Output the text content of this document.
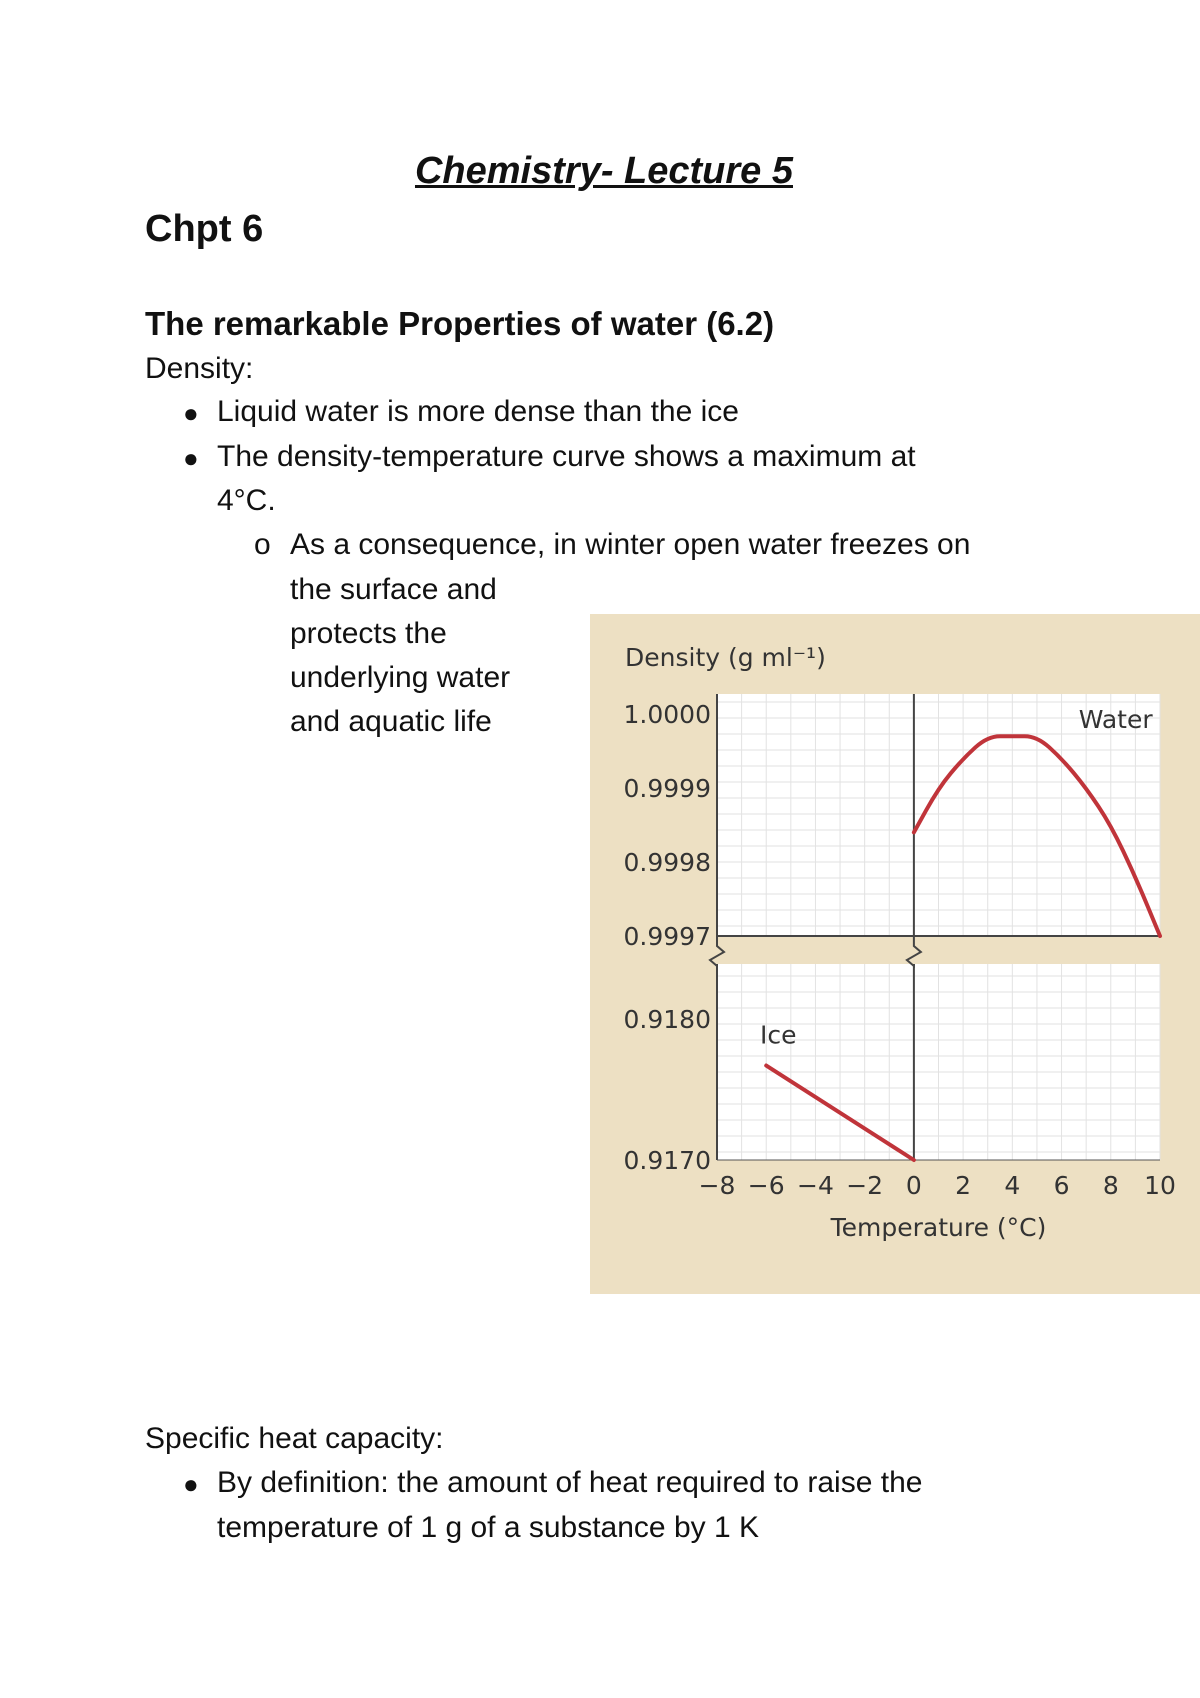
Chemistry- Lecture 5
Chpt 6
The remarkable Properties of water (6.2)
Density:
● Liquid water is more dense than the ice
● The density-temperature curve shows a maximum at
4°C.
o As a consequence, in winter open water freezes on
the surface and
protects the
underlying water
and aquatic life
Density (g ml⁻¹)
1.0000
0.9999
0.9998
0.9997
0.9180
0.9170
−8 −6 −4 −2 0 2 4 6 8 10
Temperature (°C)
Water
Ice
Specific heat capacity:
● By definition: the amount of heat required to raise the
temperature of 1 g of a substance by 1 K
